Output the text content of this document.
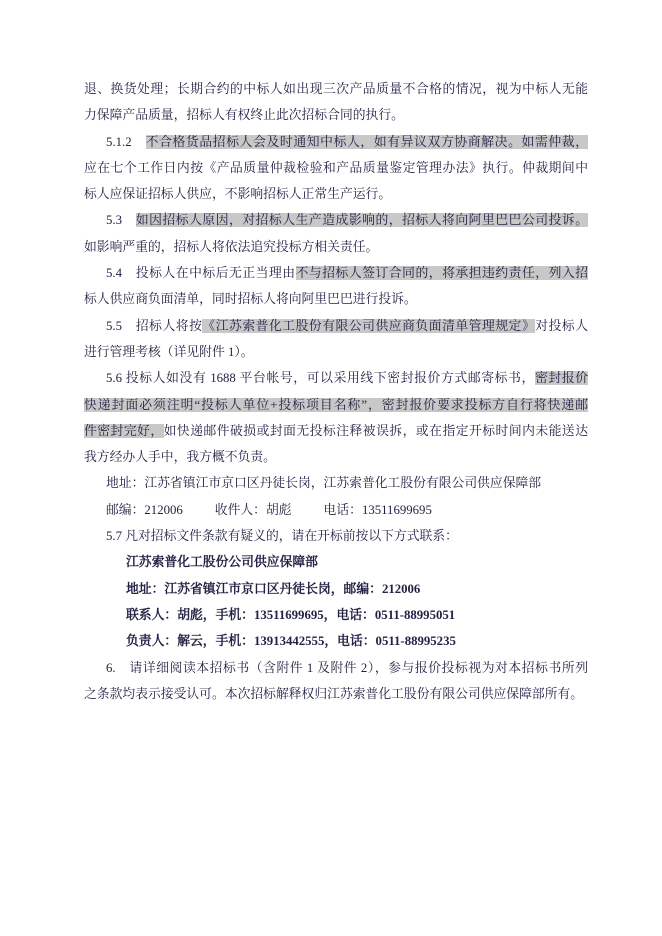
退、换货处理；长期合约的中标人如出现三次产品质量不合格的情况，视为中标人无能
力保障产品质量，招标人有权终止此次招标合同的执行。
5.1.2　不合格货品招标人会及时通知中标人，如有异议双方协商解决。如需仲裁，
应在七个工作日内按《产品质量仲裁检验和产品质量鉴定管理办法》执行。仲裁期间中
标人应保证招标人供应，不影响招标人正常生产运行。
5.3　如因招标人原因，对招标人生产造成影响的，招标人将向阿里巴巴公司投诉。
如影响严重的，招标人将依法追究投标方相关责任。
5.4　投标人在中标后无正当理由不与招标人签订合同的，将承担违约责任，列入招
标人供应商负面清单，同时招标人将向阿里巴巴进行投诉。
5.5　招标人将按《江苏索普化工股份有限公司供应商负面清单管理规定》对投标人
进行管理考核（详见附件 1）。
5.6 投标人如没有 1688 平台帐号，可以采用线下密封报价方式邮寄标书，密封报价
快递封面必须注明“投标人单位+投标项目名称”，密封报价要求投标方自行将快递邮
件密封完好，如快递邮件破损或封面无投标注释被误拆，或在指定开标时间内未能送达
我方经办人手中，我方概不负责。
地址：江苏省镇江市京口区丹徒长岗，江苏索普化工股份有限公司供应保障部
邮编：212006          收件人：胡彪          电话：13511699695
5.7 凡对招标文件条款有疑义的，请在开标前按以下方式联系：
江苏索普化工股份公司供应保障部
地址：江苏省镇江市京口区丹徒长岗，邮编：212006
联系人：胡彪，手机：13511699695，电话：0511-88995051
负责人：解云，手机：13913442555，电话：0511-88995235
6.　请详细阅读本招标书（含附件 1 及附件 2），参与报价投标视为对本招标书所列
之条款均表示接受认可。本次招标解释权归江苏索普化工股份有限公司供应保障部所有。
